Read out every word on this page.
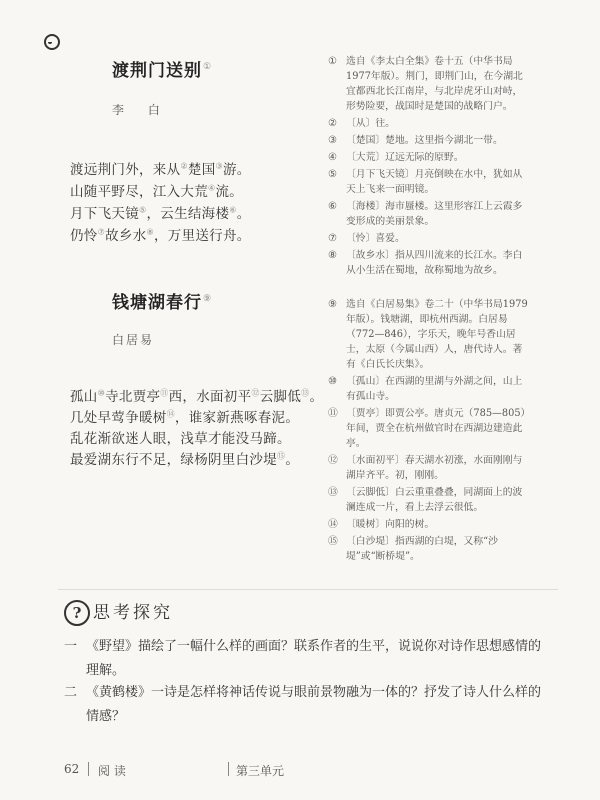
渡荆门送别①
李 白
渡远荆门外，来从②楚国③游。
山随平野尽，江入大荒④流。
月下飞天镜⑤，云生结海楼⑥。
仍怜⑦故乡水⑧，万里送行舟。
钱塘湖春行⑨
白居易
孤山⑩寺北贾亭⑪西，水面初平⑫云脚低⑬。
几处早莺争暖树⑭，谁家新燕啄春泥。
乱花渐欲迷人眼，浅草才能没马蹄。
最爱湖东行不足，绿杨阴里白沙堤⑮。
① 选自《李太白全集》卷十五（中华书局1977年版）。荆门，即荆门山，在今湖北宜都西北长江南岸，与北岸虎牙山对峙，形势险要，战国时是楚国的战略门户。
② 〔从〕往。
③ 〔楚国〕楚地。这里指今湖北一带。
④ 〔大荒〕辽远无际的原野。
⑤ 〔月下飞天镜〕月亮倒映在水中，犹如从天上飞来一面明镜。
⑥ 〔海楼〕海市蜃楼。这里形容江上云霞多变形成的美丽景象。
⑦ 〔怜〕喜爱。
⑧ 〔故乡水〕指从四川流来的长江水。李白从小生活在蜀地，故称蜀地为故乡。
⑨ 选自《白居易集》卷二十（中华书局1979年版）。钱塘湖，即杭州西湖。白居易（772—846），字乐天，晚年号香山居士，太原（今属山西）人，唐代诗人。著有《白氏长庆集》。
⑩ 〔孤山〕在西湖的里湖与外湖之间，山上有孤山寺。
⑪ 〔贾亭〕即贾公亭。唐贞元（785—805）年间，贾全在杭州做官时在西湖边建造此亭。
⑫ 〔水面初平〕春天湖水初涨，水面刚刚与湖岸齐平。初，刚刚。
⑬ 〔云脚低〕白云重重叠叠，同湖面上的波澜连成一片，看上去浮云很低。
⑭ 〔暖树〕向阳的树。
⑮ 〔白沙堤〕指西湖的白堤，又称“沙堤”或“断桥堤”。
? 思考探究
一 《野望》描绘了一幅什么样的画面？联系作者的生平，说说你对诗作思想感情的理解。
二 《黄鹤楼》一诗是怎样将神话传说与眼前景物融为一体的？抒发了诗人什么样的情感？
62 阅 读	第三单元
